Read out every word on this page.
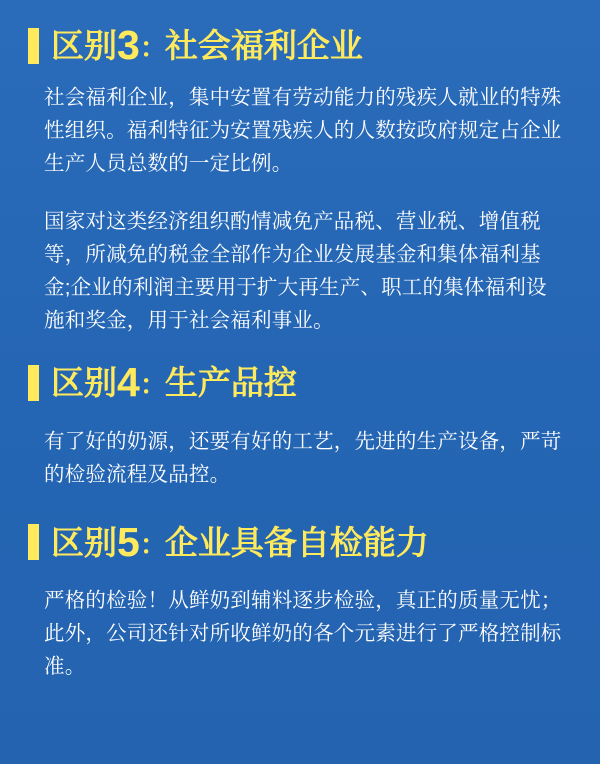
区别3：社会福利企业

社会福利企业，集中安置有劳动能力的残疾人就业的特殊性组织。福利特征为安置残疾人的人数按政府规定占企业生产人员总数的一定比例。

国家对这类经济组织酌情减免产品税、营业税、增值税等，所减免的税金全部作为企业发展基金和集体福利基金;企业的利润主要用于扩大再生产、职工的集体福利设施和奖金，用于社会福利事业。

区别4：生产品控

有了好的奶源，还要有好的工艺，先进的生产设备，严苛的检验流程及品控。

区别5：企业具备自检能力

严格的检验！从鲜奶到辅料逐步检验，真正的质量无忧；此外，公司还针对所收鲜奶的各个元素进行了严格控制标准。
